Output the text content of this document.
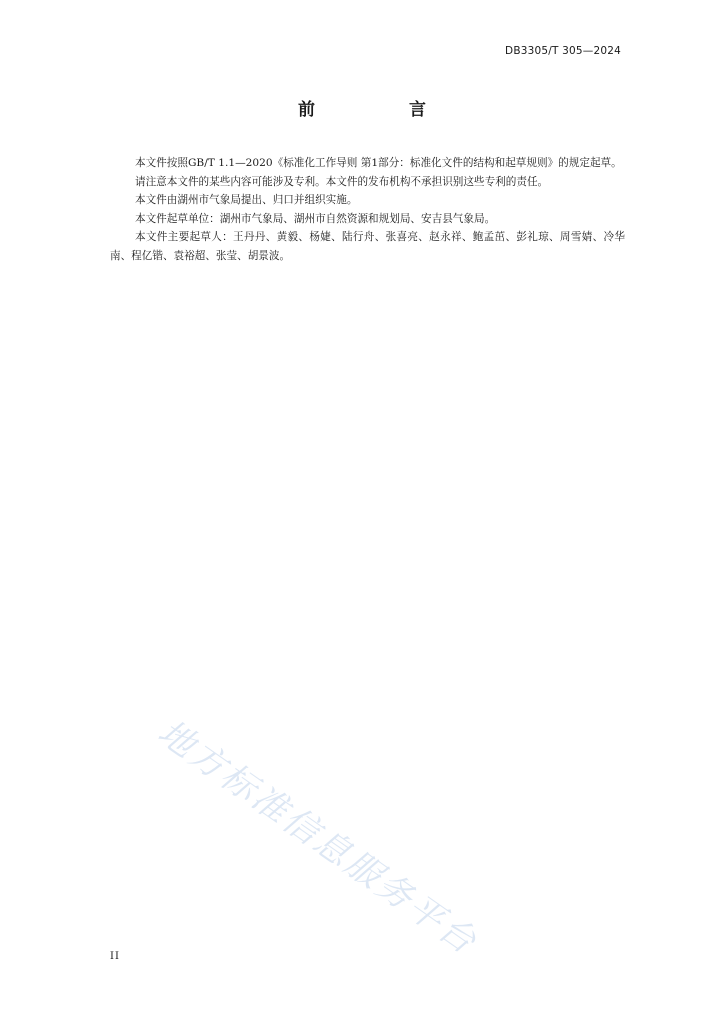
DB3305/T 305—2024
前 言

本文件按照GB/T 1.1—2020《标准化工作导则 第1部分：标准化文件的结构和起草规则》的规定起草。

请注意本文件的某些内容可能涉及专利。本文件的发布机构不承担识别这些专利的责任。

本文件由湖州市气象局提出、归口并组织实施。

本文件起草单位：湖州市气象局、湖州市自然资源和规划局、安吉县气象局。

本文件主要起草人：王丹丹、黄毅、杨婕、陆行舟、张喜亮、赵永祥、鲍孟茁、彭礼琼、周雪婧、冷华南、程亿锴、袁裕超、张莹、胡景波。

地方标准信息服务平台
II
